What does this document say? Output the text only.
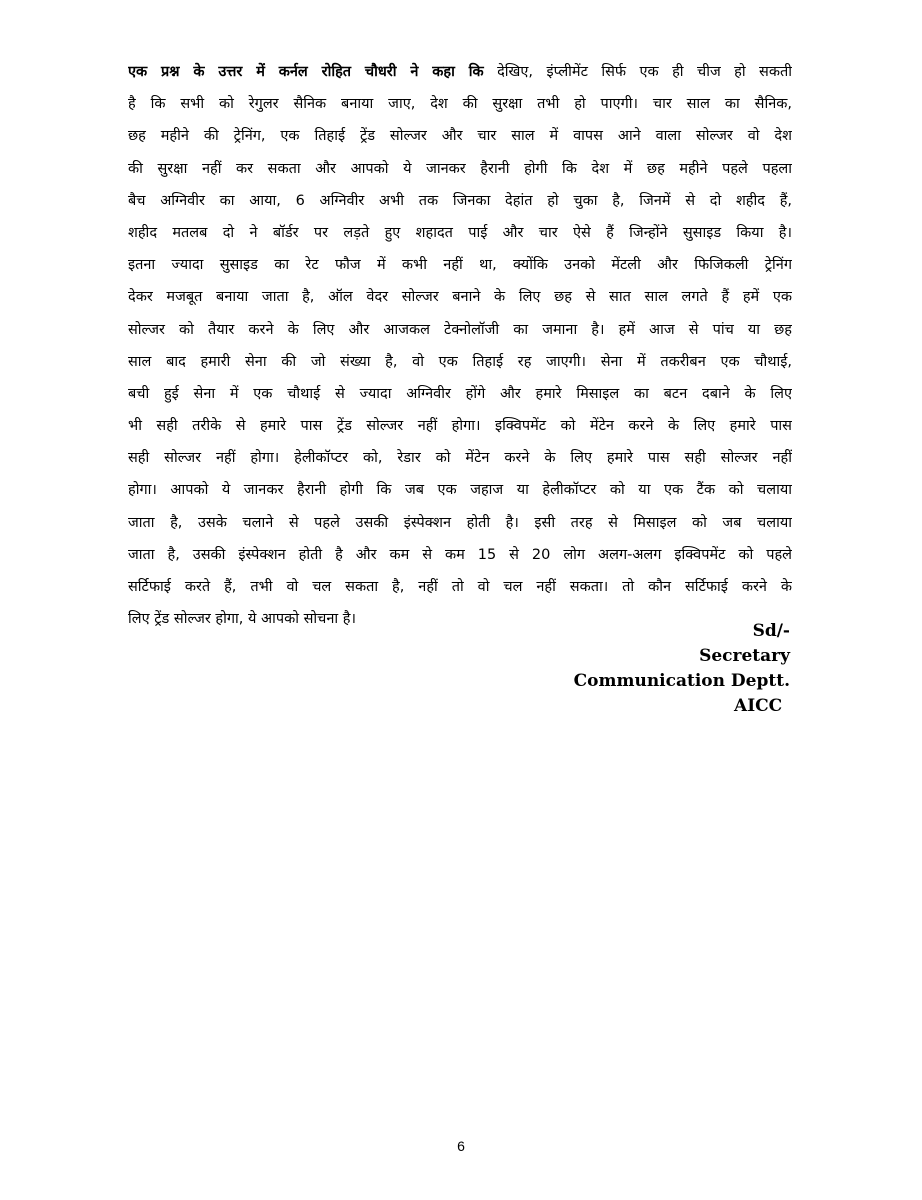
एक प्रश्न के उत्तर में कर्नल रोहित चौधरी ने कहा कि देखिए, इंप्लीमेंट सिर्फ एक ही चीज हो सकती
है कि सभी को रेगुलर सैनिक बनाया जाए, देश की सुरक्षा तभी हो पाएगी। चार साल का सैनिक,
छह महीने की ट्रेनिंग, एक तिहाई ट्रेंड सोल्जर और चार साल में वापस आने वाला सोल्जर वो देश
की सुरक्षा नहीं कर सकता और आपको ये जानकर हैरानी होगी कि देश में छह महीने पहले पहला
बैच अग्निवीर का आया, 6 अग्निवीर अभी तक जिनका देहांत हो चुका है, जिनमें से दो शहीद हैं,
शहीद मतलब दो ने बॉर्डर पर लड़ते हुए शहादत पाई और चार ऐसे हैं जिन्होंने सुसाइड किया है।
इतना ज्यादा सुसाइड का रेट फौज में कभी नहीं था, क्योंकि उनको मेंटली और फिजिकली ट्रेनिंग
देकर मजबूत बनाया जाता है, ऑल वेदर सोल्जर बनाने के लिए छह से सात साल लगते हैं हमें एक
सोल्जर को तैयार करने के लिए और आजकल टेक्नोलॉजी का जमाना है। हमें आज से पांच या छह
साल बाद हमारी सेना की जो संख्या है, वो एक तिहाई रह जाएगी। सेना में तकरीबन एक चौथाई,
बची हुई सेना में एक चौथाई से ज्यादा अग्निवीर होंगे और हमारे मिसाइल का बटन दबाने के लिए
भी सही तरीके से हमारे पास ट्रेंड सोल्जर नहीं होगा। इक्विपमेंट को मेंटेन करने के लिए हमारे पास
सही सोल्जर नहीं होगा। हेलीकॉप्टर को, रेडार को मेंटेन करने के लिए हमारे पास सही सोल्जर नहीं
होगा। आपको ये जानकर हैरानी होगी कि जब एक जहाज या हेलीकॉप्टर को या एक टैंक को चलाया
जाता है, उसके चलाने से पहले उसकी इंस्पेक्शन होती है। इसी तरह से मिसाइल को जब चलाया
जाता है, उसकी इंस्पेक्शन होती है और कम से कम 15 से 20 लोग अलग-अलग इक्विपमेंट को पहले
सर्टिफाई करते हैं, तभी वो चल सकता है, नहीं तो वो चल नहीं सकता। तो कौन सर्टिफाई करने के
लिए ट्रेंड सोल्जर होगा, ये आपको सोचना है।
Sd/-
Secretary
Communication Deptt.
AICC
6
